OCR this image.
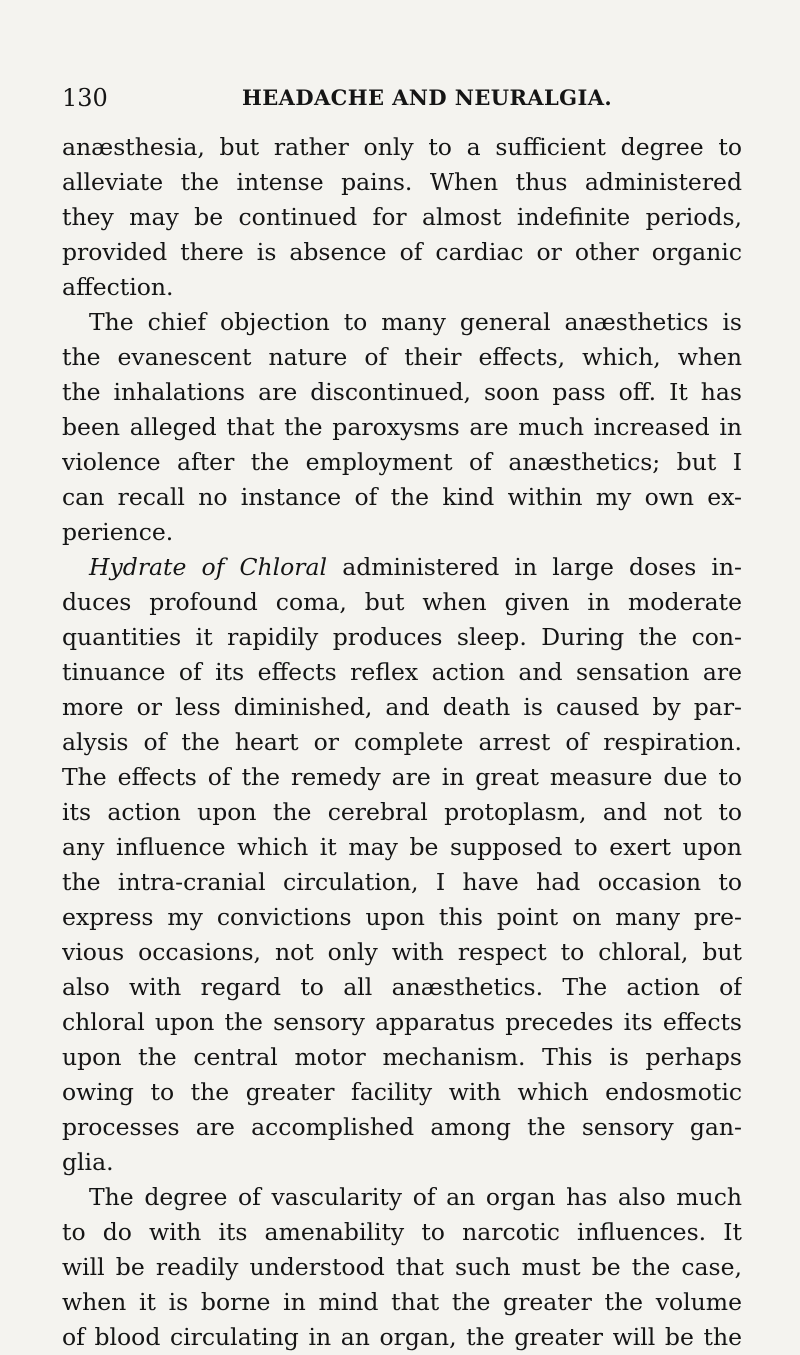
130	HEADACHE AND NEURALGIA.
anæsthesia, but rather only to a sufficient degree to
alleviate the intense pains. When thus administered
they may be continued for almost indefinite periods,
provided there is absence of cardiac or other organic
affection.
The chief objection to many general anæsthetics is
the evanescent nature of their effects, which, when
the inhalations are discontinued, soon pass off. It has
been alleged that the paroxysms are much increased in
violence after the employment of anæsthetics; but I
can recall no instance of the kind within my own ex-
perience.
Hydrate of Chloral administered in large doses in-
duces profound coma, but when given in moderate
quantities it rapidily produces sleep. During the con-
tinuance of its effects reflex action and sensation are
more or less diminished, and death is caused by par-
alysis of the heart or complete arrest of respiration.
The effects of the remedy are in great measure due to
its action upon the cerebral protoplasm, and not to
any influence which it may be supposed to exert upon
the intra-cranial circulation, I have had occasion to
express my convictions upon this point on many pre-
vious occasions, not only with respect to chloral, but
also with regard to all anæsthetics. The action of
chloral upon the sensory apparatus precedes its effects
upon the central motor mechanism. This is perhaps
owing to the greater facility with which endosmotic
processes are accomplished among the sensory gan-
glia.
The degree of vascularity of an organ has also much
to do with its amenability to narcotic influences. It
will be readily understood that such must be the case,
when it is borne in mind that the greater the volume
of blood circulating in an organ, the greater will be the
